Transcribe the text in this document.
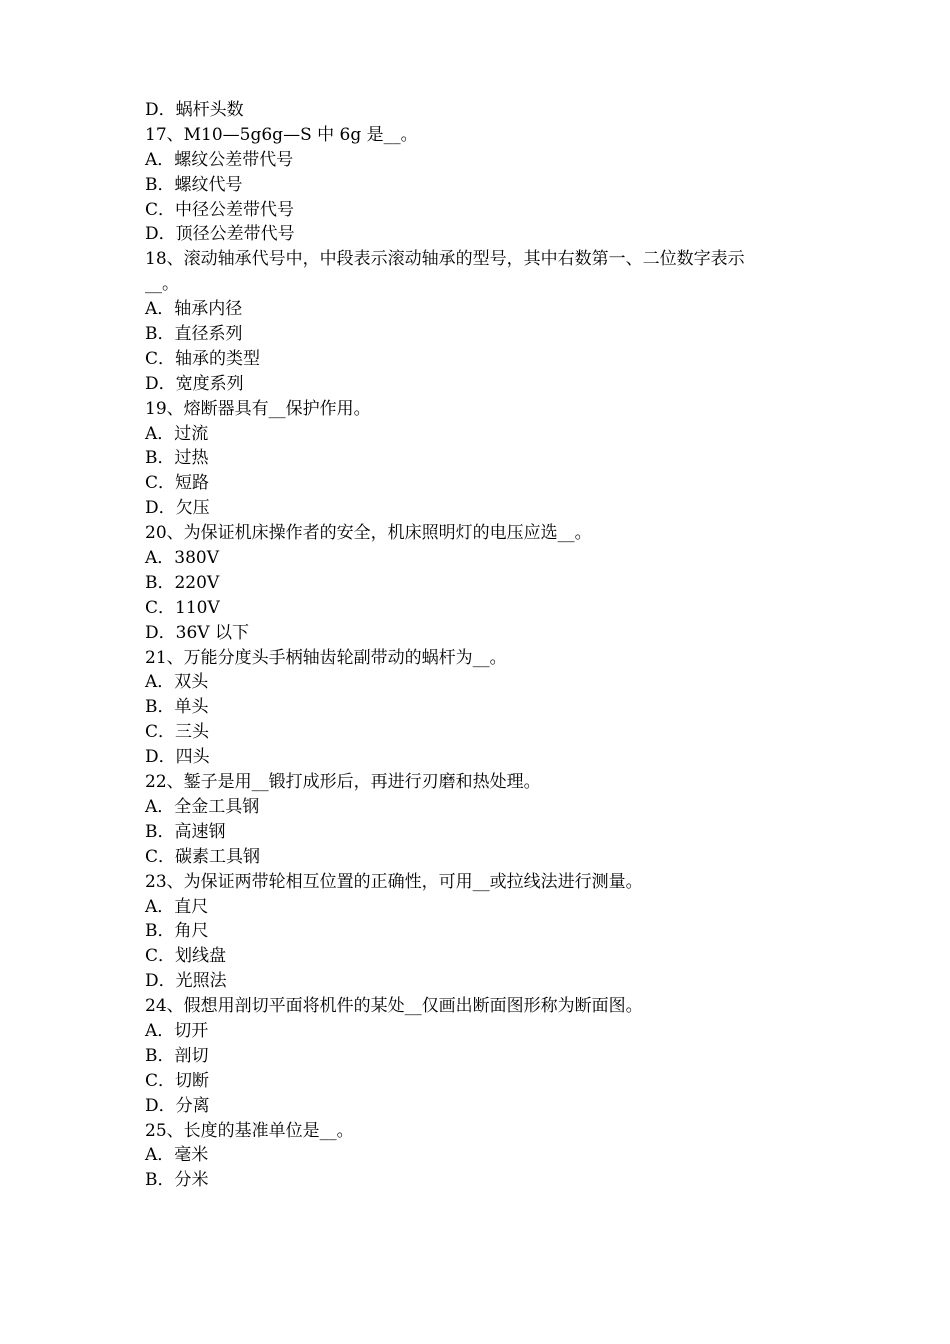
D．蜗杆头数
17、M10—5g6g—S 中 6g 是__。
A．螺纹公差带代号
B．螺纹代号
C．中径公差带代号
D．顶径公差带代号
18、滚动轴承代号中，中段表示滚动轴承的型号，其中右数第一、二位数字表示
__。
A．轴承内径
B．直径系列
C．轴承的类型
D．宽度系列
19、熔断器具有__保护作用。
A．过流
B．过热
C．短路
D．欠压
20、为保证机床操作者的安全，机床照明灯的电压应选__。
A．380V
B．220V
C．110V
D．36V 以下
21、万能分度头手柄轴齿轮副带动的蜗杆为__。
A．双头
B．单头
C．三头
D．四头
22、錾子是用__锻打成形后，再进行刃磨和热处理。
A．全金工具钢
B．高速钢
C．碳素工具钢
23、为保证两带轮相互位置的正确性，可用__或拉线法进行测量。
A．直尺
B．角尺
C．划线盘
D．光照法
24、假想用剖切平面将机件的某处__仅画出断面图形称为断面图。
A．切开
B．剖切
C．切断
D．分离
25、长度的基准单位是__。
A．毫米
B．分米
